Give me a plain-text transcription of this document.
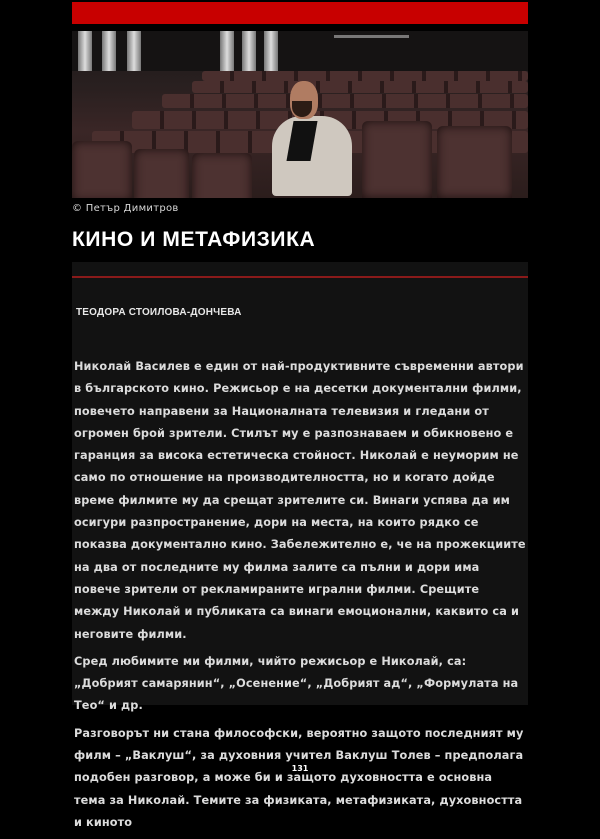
© Петър Димитров
КИНО И МЕТАФИЗИКА
ТЕОДОРА СТОИЛОВА-ДОНЧЕВА

Николай Василев е един от най-продуктивните съвременни автори в българското кино. Режисьор е на десетки документални филми, повечето направени за Националната телевизия и гледани от огромен брой зрители. Стилът му е разпознаваем и обикновено е гаранция за висока естетическа стойност. Николай е неуморим не само по отношение на производителността, но и когато дойде време филмите му да срещат зрителите си. Винаги успява да им осигури разпространение, дори на места, на които рядко се показва документално кино. Забележително е, че на прожекциите на два от последните му филма залите са пълни и дори има повече зрители от рекламираните игрални филми. Срещите между Николай и публиката са винаги емоционални, каквито са и неговите филми.

Сред любимите ми филми, чийто режисьор е Николай, са: „Добрият самарянин“, „Осенение“, „Добрият ад“, „Формулата на Тео“ и др.

Разговорът ни стана философски, вероятно защото последният му филм – „Ваклуш“, за духовния учител Ваклуш Толев – предполага подобен разговор, а може би и защото духовността е основна тема за Николай. Темите за физиката, метафизиката, духовността и киното

131
